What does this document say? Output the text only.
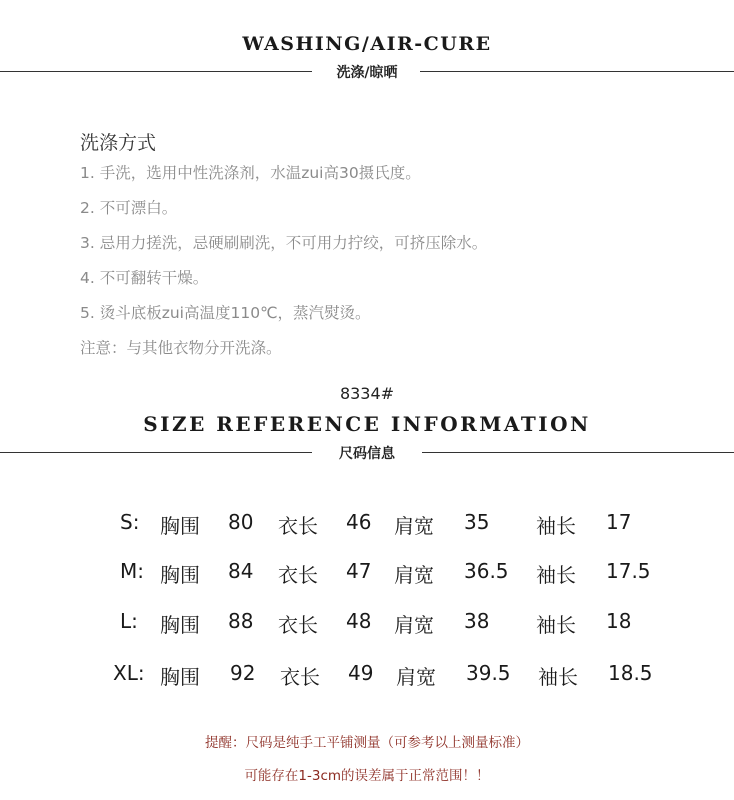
WASHING/AIR-CURE
洗涤/晾晒
洗涤方式
1. 手洗，选用中性洗涤剂，水温zui高30摄氏度。
2. 不可漂白。
3. 忌用力搓洗，忌硬刷刷洗，不可用力拧绞，可挤压除水。
4. 不可翻转干燥。
5. 烫斗底板zui高温度110℃，蒸汽熨烫。
注意：与其他衣物分开洗涤。
8334#
SIZE REFERENCE INFORMATION
尺码信息
S: 胸围 80 衣长 46 肩宽 35 袖长 17
M: 胸围 84 衣长 47 肩宽 36.5 袖长 17.5
L: 胸围 88 衣长 48 肩宽 38 袖长 18
XL: 胸围 92 衣长 49 肩宽 39.5 袖长 18.5
提醒：尺码是纯手工平铺测量（可参考以上测量标准）
可能存在1-3cm的误差属于正常范围！！
